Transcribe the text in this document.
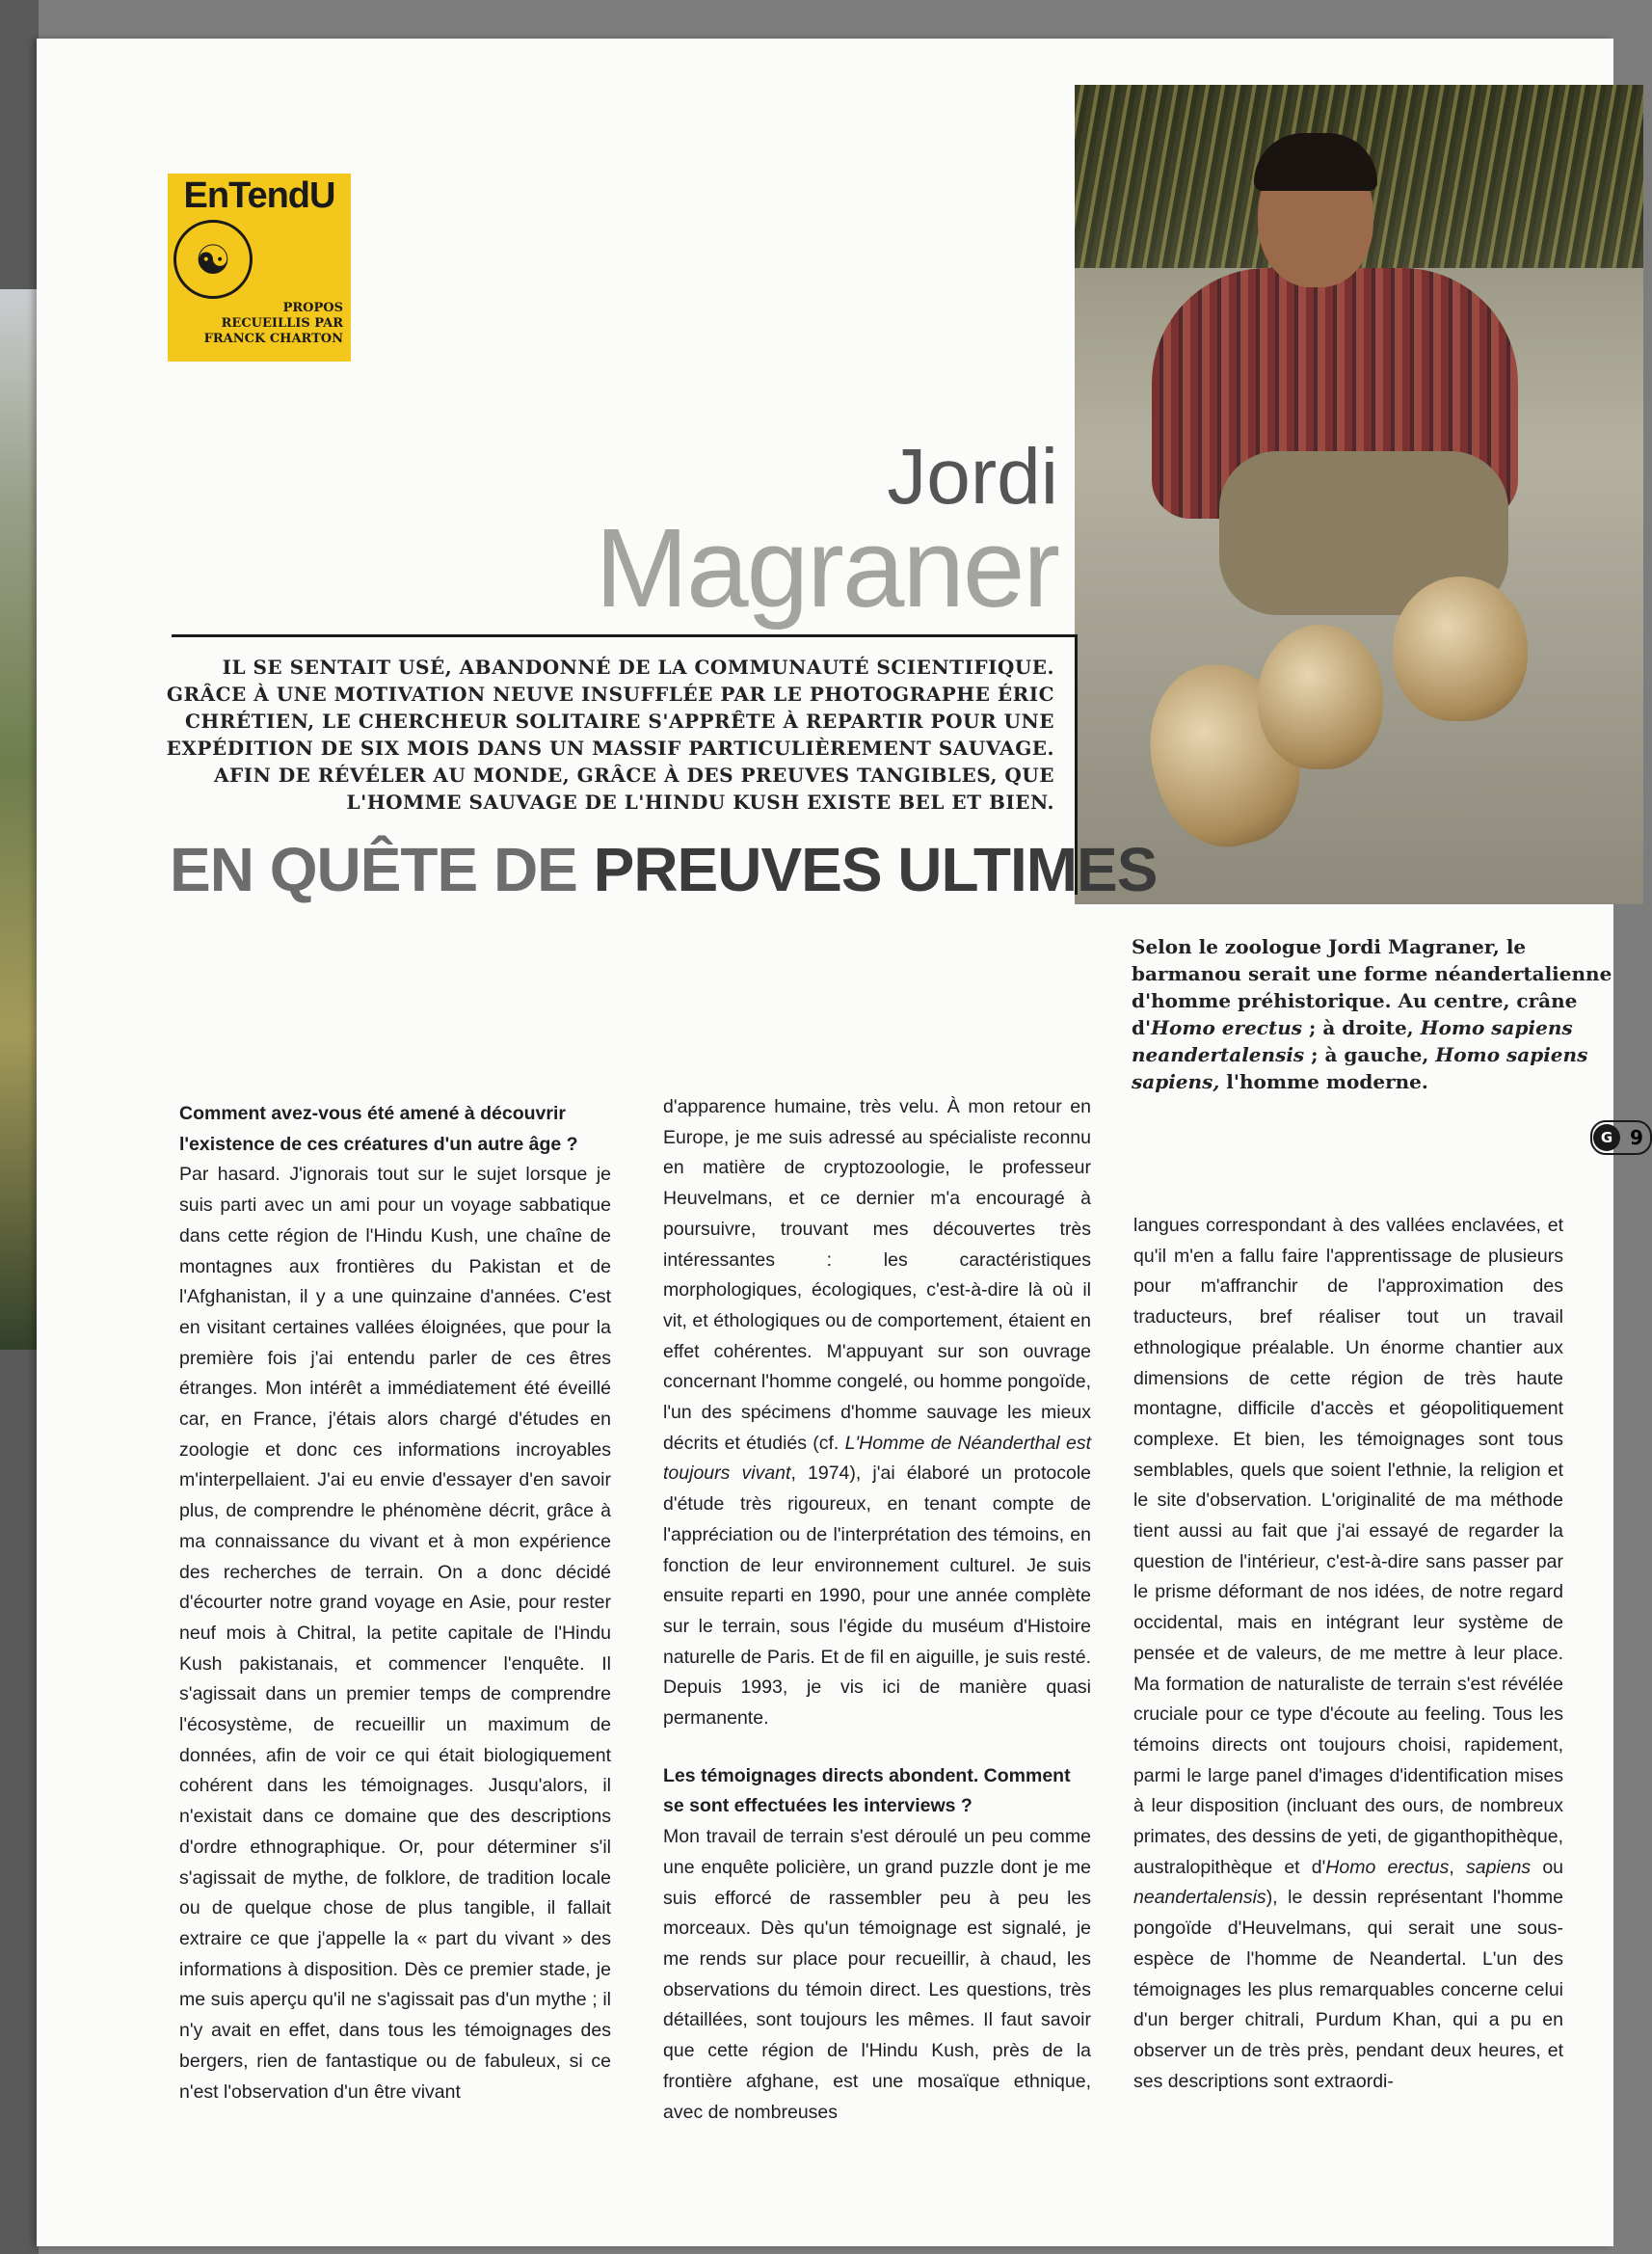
EnTendU
☯
PROPOS
RECUEILLIS PAR
FRANCK CHARTON
Jordi
Magraner
IL SE SENTAIT USÉ, ABANDONNÉ DE LA COMMUNAUTÉ SCIENTIFIQUE. GRÂCE À UNE MOTIVATION NEUVE INSUFFLÉE PAR LE PHOTOGRAPHE ÉRIC CHRÉTIEN, LE CHERCHEUR SOLITAIRE S'APPRÊTE À REPARTIR POUR UNE EXPÉDITION DE SIX MOIS DANS UN MASSIF PARTICULIÈREMENT SAUVAGE. AFIN DE RÉVÉLER AU MONDE, GRÂCE À DES PREUVES TANGIBLES, QUE L'HOMME SAUVAGE DE L'HINDU KUSH EXISTE BEL ET BIEN.
EN QUÊTE DE PREUVES ULTIMES
Selon le zoologue Jordi Magraner, le barmanou serait une forme néandertalienne d'homme préhistorique. Au centre, crâne d'Homo erectus ; à droite, Homo sapiens neandertalensis ; à gauche, Homo sapiens sapiens, l'homme moderne.
G 9
Comment avez-vous été amené à découvrir l'existence de ces créatures d'un autre âge ?

Par hasard. J'ignorais tout sur le sujet lorsque je suis parti avec un ami pour un voyage sabbatique dans cette région de l'Hindu Kush, une chaîne de montagnes aux frontières du Pakistan et de l'Afghanistan, il y a une quinzaine d'années. C'est en visitant certaines vallées éloignées, que pour la première fois j'ai entendu parler de ces êtres étranges. Mon intérêt a immédiatement été éveillé car, en France, j'étais alors chargé d'études en zoologie et donc ces informations incroyables m'interpellaient. J'ai eu envie d'essayer d'en savoir plus, de comprendre le phénomène décrit, grâce à ma connaissance du vivant et à mon expérience des recherches de terrain. On a donc décidé d'écourter notre grand voyage en Asie, pour rester neuf mois à Chitral, la petite capitale de l'Hindu Kush pakistanais, et commencer l'enquête. Il s'agissait dans un premier temps de comprendre l'écosystème, de recueillir un maximum de données, afin de voir ce qui était biologiquement cohérent dans les témoignages. Jusqu'alors, il n'existait dans ce domaine que des descriptions d'ordre ethnographique. Or, pour déterminer s'il s'agissait de mythe, de folklore, de tradition locale ou de quelque chose de plus tangible, il fallait extraire ce que j'appelle la « part du vivant » des informations à disposition. Dès ce premier stade, je me suis aperçu qu'il ne s'agissait pas d'un mythe ; il n'y avait en effet, dans tous les témoignages des bergers, rien de fantastique ou de fabuleux, si ce n'est l'observation d'un être vivant

d'apparence humaine, très velu. À mon retour en Europe, je me suis adressé au spécialiste reconnu en matière de cryptozoologie, le professeur Heuvelmans, et ce dernier m'a encouragé à poursuivre, trouvant mes découvertes très intéressantes : les caractéristiques morphologiques, écologiques, c'est-à-dire là où il vit, et éthologiques ou de comportement, étaient en effet cohérentes. M'appuyant sur son ouvrage concernant l'homme congelé, ou homme pongoïde, l'un des spécimens d'homme sauvage les mieux décrits et étudiés (cf. L'Homme de Néanderthal est toujours vivant, 1974), j'ai élaboré un protocole d'étude très rigoureux, en tenant compte de l'appréciation ou de l'interprétation des témoins, en fonction de leur environnement culturel. Je suis ensuite reparti en 1990, pour une année complète sur le terrain, sous l'égide du muséum d'Histoire naturelle de Paris. Et de fil en aiguille, je suis resté. Depuis 1993, je vis ici de manière quasi permanente.

Les témoignages directs abondent. Comment se sont effectuées les interviews ?

Mon travail de terrain s'est déroulé un peu comme une enquête policière, un grand puzzle dont je me suis efforcé de rassembler peu à peu les morceaux. Dès qu'un témoignage est signalé, je me rends sur place pour recueillir, à chaud, les observations du témoin direct. Les questions, très détaillées, sont toujours les mêmes. Il faut savoir que cette région de l'Hindu Kush, près de la frontière afghane, est une mosaïque ethnique, avec de nombreuses

langues correspondant à des vallées enclavées, et qu'il m'en a fallu faire l'apprentissage de plusieurs pour m'affranchir de l'approximation des traducteurs, bref réaliser tout un travail ethnologique préalable. Un énorme chantier aux dimensions de cette région de très haute montagne, difficile d'accès et géopolitiquement complexe. Et bien, les témoignages sont tous semblables, quels que soient l'ethnie, la religion et le site d'observation. L'originalité de ma méthode tient aussi au fait que j'ai essayé de regarder la question de l'intérieur, c'est-à-dire sans passer par le prisme déformant de nos idées, de notre regard occidental, mais en intégrant leur système de pensée et de valeurs, de me mettre à leur place. Ma formation de naturaliste de terrain s'est révélée cruciale pour ce type d'écoute au feeling. Tous les témoins directs ont toujours choisi, rapidement, parmi le large panel d'images d'identification mises à leur disposition (incluant des ours, de nombreux primates, des dessins de yeti, de giganthopithèque, australopithèque et d'Homo erectus, sapiens ou neandertalensis), le dessin représentant l'homme pongoïde d'Heuvelmans, qui serait une sous-espèce de l'homme de Neandertal. L'un des témoignages les plus remarquables concerne celui d'un berger chitrali, Purdum Khan, qui a pu en observer un de très près, pendant deux heures, et ses descriptions sont extraordi-
